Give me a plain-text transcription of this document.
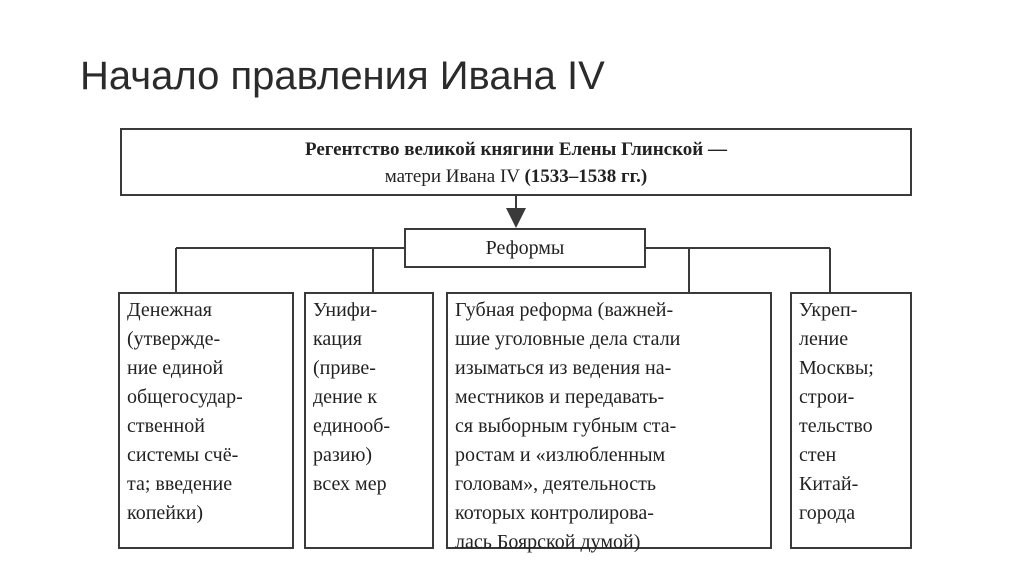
Начало правления Ивана IV
Регентство великой княгини Елены Глинской —
матери Ивана IV (1533–1538 гг.)
Реформы
Денежная
(утвержде-
ние единой
общегосудар-
ственной
системы счё-
та; введение
копейки)
Унифи-
кация
(приве-
дение к
единооб-
разию)
всех мер
Губная реформа (важней-
шие уголовные дела стали
изыматься из ведения на-
местников и передавать-
ся выборным губным ста-
ростам и «излюбленным
головам», деятельность
которых контролирова-
лась Боярской думой)
Укреп-
ление
Москвы;
строи-
тельство
стен
Китай-
города
